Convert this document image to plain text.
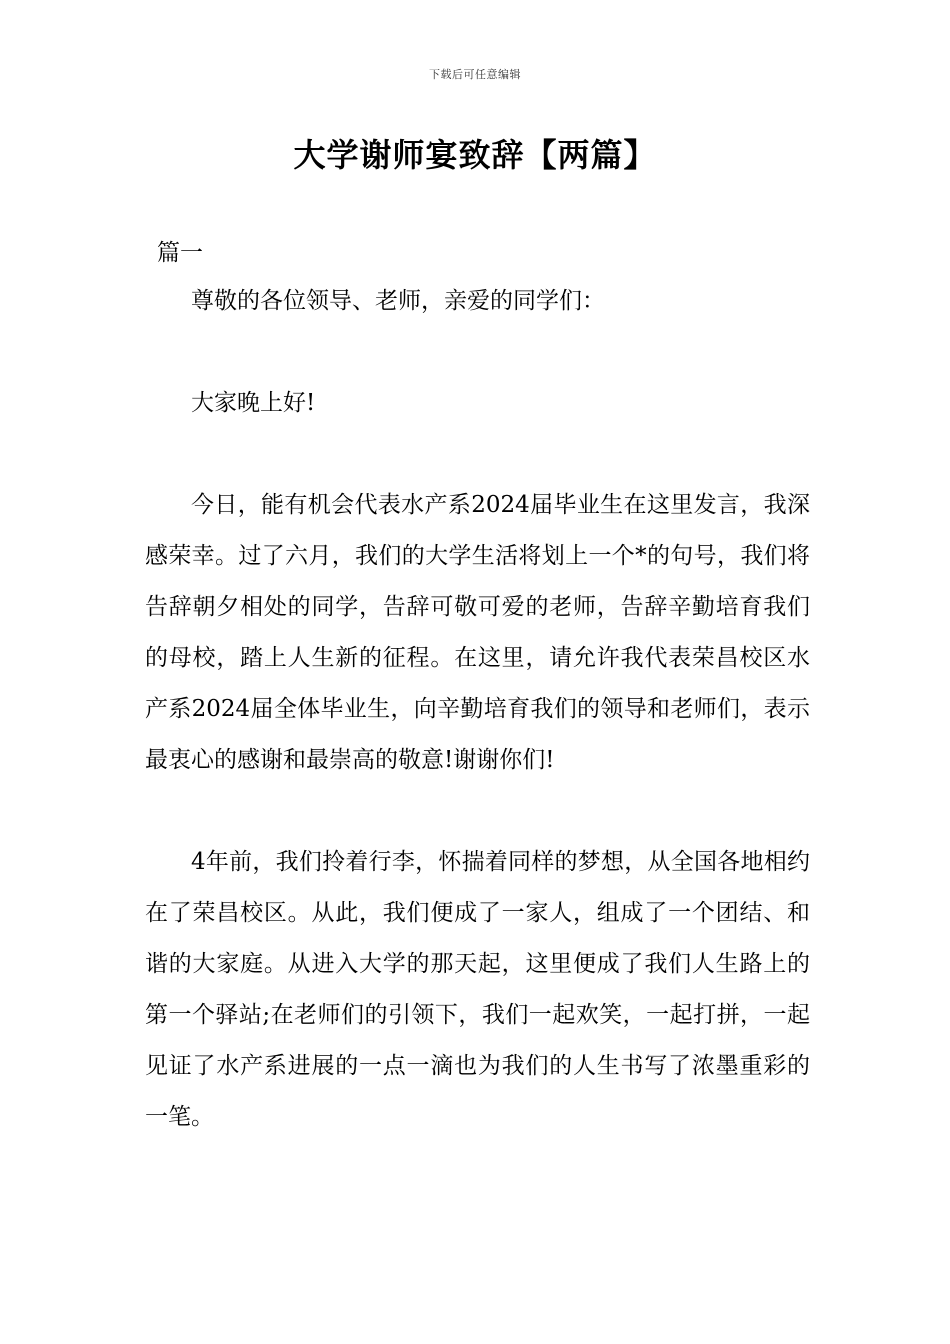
下载后可任意编辑
大学谢师宴致辞【两篇】
篇一

尊敬的各位领导、老师，亲爱的同学们：

大家晚上好!

今日，能有机会代表水产系2024届毕业生在这里发言，我深感荣幸。过了六月，我们的大学生活将划上一个*的句号，我们将告辞朝夕相处的同学，告辞可敬可爱的老师，告辞辛勤培育我们的母校，踏上人生新的征程。在这里，请允许我代表荣昌校区水产系2024届全体毕业生，向辛勤培育我们的领导和老师们，表示最衷心的感谢和最崇高的敬意!谢谢你们!

4年前，我们拎着行李，怀揣着同样的梦想，从全国各地相约在了荣昌校区。从此，我们便成了一家人，组成了一个团结、和谐的大家庭。从进入大学的那天起，这里便成了我们人生路上的第一个驿站;在老师们的引领下，我们一起欢笑，一起打拼，一起见证了水产系进展的一点一滴也为我们的人生书写了浓墨重彩的一笔。
